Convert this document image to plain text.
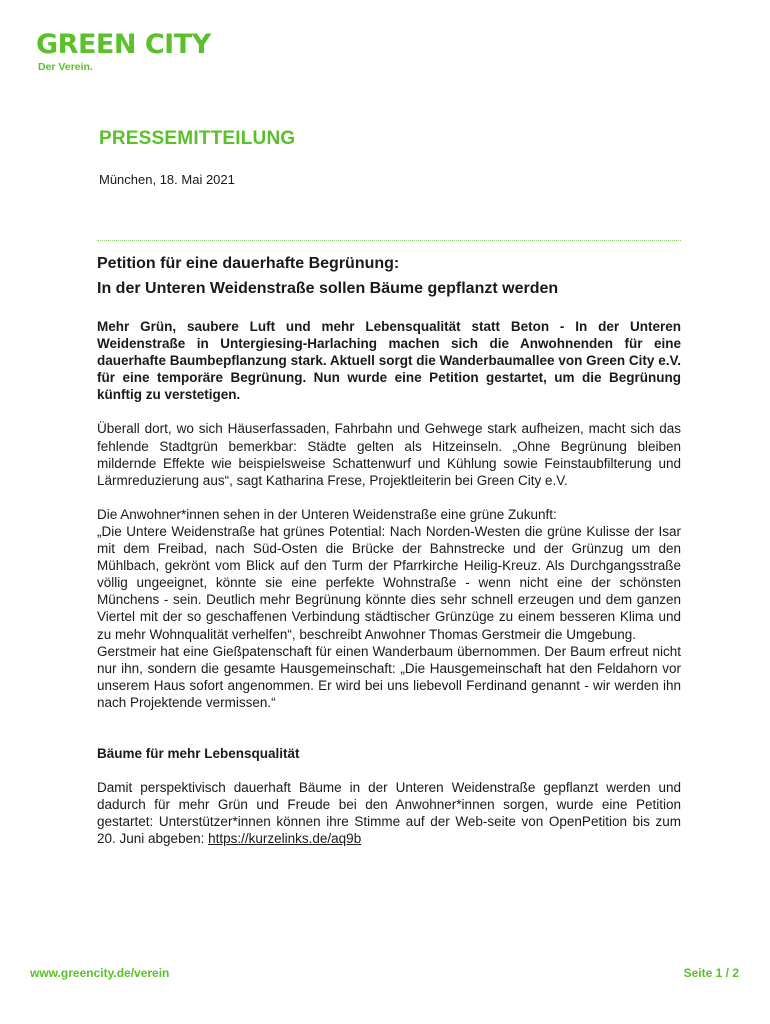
GREEN CITY
Der Verein.
PRESSEMITTEILUNG
München, 18. Mai 2021
Petition für eine dauerhafte Begrünung:
In der Unteren Weidenstraße sollen Bäume gepflanzt werden

Mehr Grün, saubere Luft und mehr Lebensqualität statt Beton - In der Unteren Weidenstraße in Untergiesing-Harlaching machen sich die Anwohnenden für eine dauerhafte Baumbepflanzung stark. Aktuell sorgt die Wanderbaumallee von Green City e.V. für eine temporäre Begrünung. Nun wurde eine Petition gestartet, um die Begrünung künftig zu verstetigen.

Überall dort, wo sich Häuserfassaden, Fahrbahn und Gehwege stark aufheizen, macht sich das fehlende Stadtgrün bemerkbar: Städte gelten als Hitzeinseln. „Ohne Begrünung bleiben mildernde Effekte wie beispielsweise Schattenwurf und Kühlung sowie Feinstaubfilterung und Lärmreduzierung aus“, sagt Katharina Frese, Projektleiterin bei Green City e.V.

Die Anwohner*innen sehen in der Unteren Weidenstraße eine grüne Zukunft:

„Die Untere Weidenstraße hat grünes Potential: Nach Norden-Westen die grüne Kulisse der Isar mit dem Freibad, nach Süd-Osten die Brücke der Bahnstrecke und der Grünzug um den Mühlbach, gekrönt vom Blick auf den Turm der Pfarrkirche Heilig-Kreuz. Als Durchgangsstraße völlig ungeeignet, könnte sie eine perfekte Wohnstraße - wenn nicht eine der schönsten Münchens - sein. Deutlich mehr Begrünung könnte dies sehr schnell erzeugen und dem ganzen Viertel mit der so geschaffenen Verbindung städtischer Grünzüge zu einem besseren Klima und zu mehr Wohnqualität verhelfen“, beschreibt Anwohner Thomas Gerstmeir die Umgebung.

Gerstmeir hat eine Gießpatenschaft für einen Wanderbaum übernommen. Der Baum erfreut nicht nur ihn, sondern die gesamte Hausgemeinschaft: „Die Hausgemeinschaft hat den Feldahorn vor unserem Haus sofort angenommen. Er wird bei uns liebevoll Ferdinand genannt - wir werden ihn nach Projektende vermissen.“

Bäume für mehr Lebensqualität

Damit perspektivisch dauerhaft Bäume in der Unteren Weidenstraße gepflanzt werden und dadurch für mehr Grün und Freude bei den Anwohner*innen sorgen, wurde eine Petition gestartet: Unterstützer*innen können ihre Stimme auf der Web-seite von OpenPetition bis zum 20. Juni abgeben: https://kurzelinks.de/aq9b

www.greencity.de/verein	Seite 1 / 2
